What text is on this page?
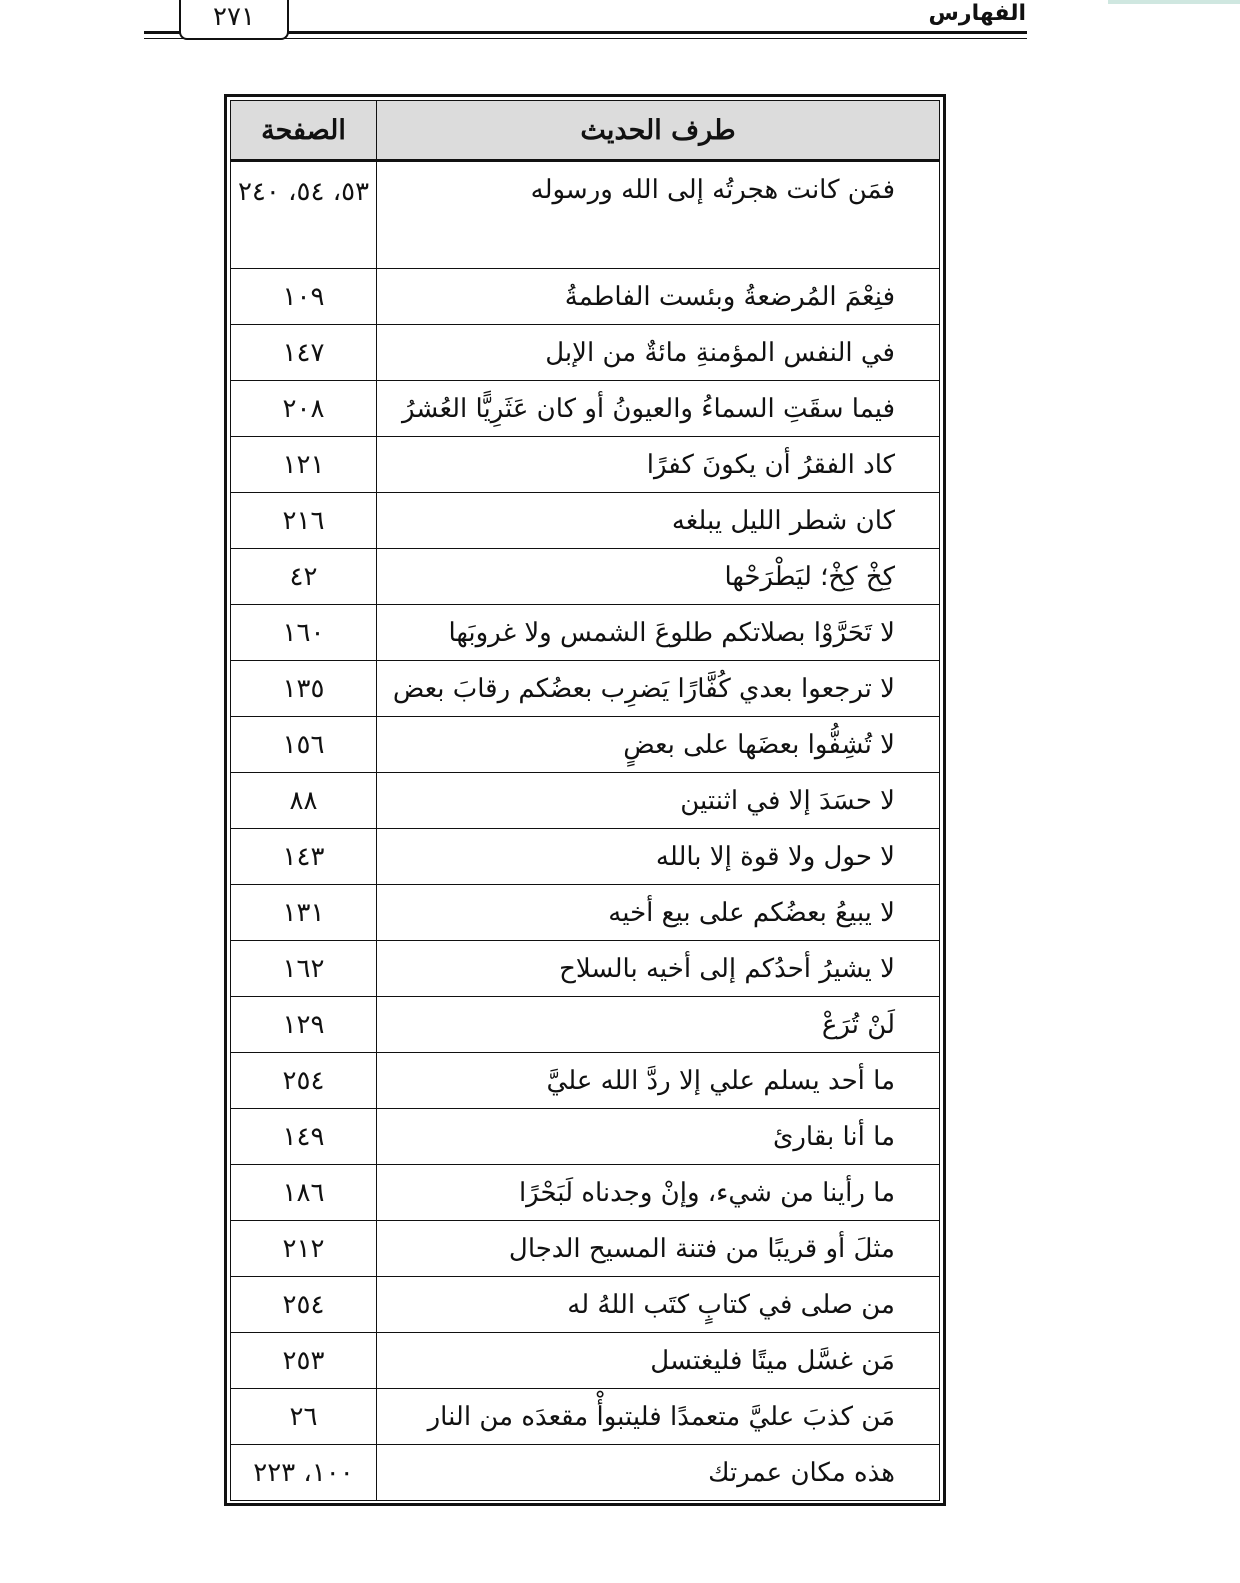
الفهارس
٢٧١
طرف الحديث	الصفحة
فمَن كانت هجرتُه إلى الله ورسوله	٥٣، ٥٤، ٢٤٠
فنِعْمَ المُرضعةُ وبئست الفاطمةُ	١٠٩
في النفس المؤمنةِ مائةٌ من الإبل	١٤٧
فيما سقَتِ السماءُ والعيونُ أو كان عَثَرِيًّا العُشرُ	٢٠٨
كاد الفقرُ أن يكونَ كفرًا	١٢١
كان شطر الليل يبلغه	٢١٦
كِخْ كِخْ؛ ليَطْرَحْها	٤٢
لا تَحَرَّوْا بصلاتكم طلوعَ الشمس ولا غروبَها	١٦٠
لا ترجعوا بعدي كُفَّارًا يَضرِب بعضُكم رقابَ بعض	١٣٥
لا تُشِفُّوا بعضَها على بعضٍ	١٥٦
لا حسَدَ إلا في اثنتين	٨٨
لا حول ولا قوة إلا بالله	١٤٣
لا يبيعُ بعضُكم على بيع أخيه	١٣١
لا يشيرُ أحدُكم إلى أخيه بالسلاح	١٦٢
لَنْ تُرَعْ	١٢٩
ما أحد يسلم علي إلا ردَّ الله عليَّ	٢٥٤
ما أنا بقارئ	١٤٩
ما رأينا من شيء، وإنْ وجدناه لَبَحْرًا	١٨٦
مثلَ أو قريبًا من فتنة المسيح الدجال	٢١٢
من صلى في كتابٍ كتَب اللهُ له	٢٥٤
مَن غسَّل ميتًا فليغتسل	٢٥٣
مَن كذبَ عليَّ متعمدًا فليتبوأْ مقعدَه من النار	٢٦
هذه مكان عمرتك	١٠٠، ٢٢٣
